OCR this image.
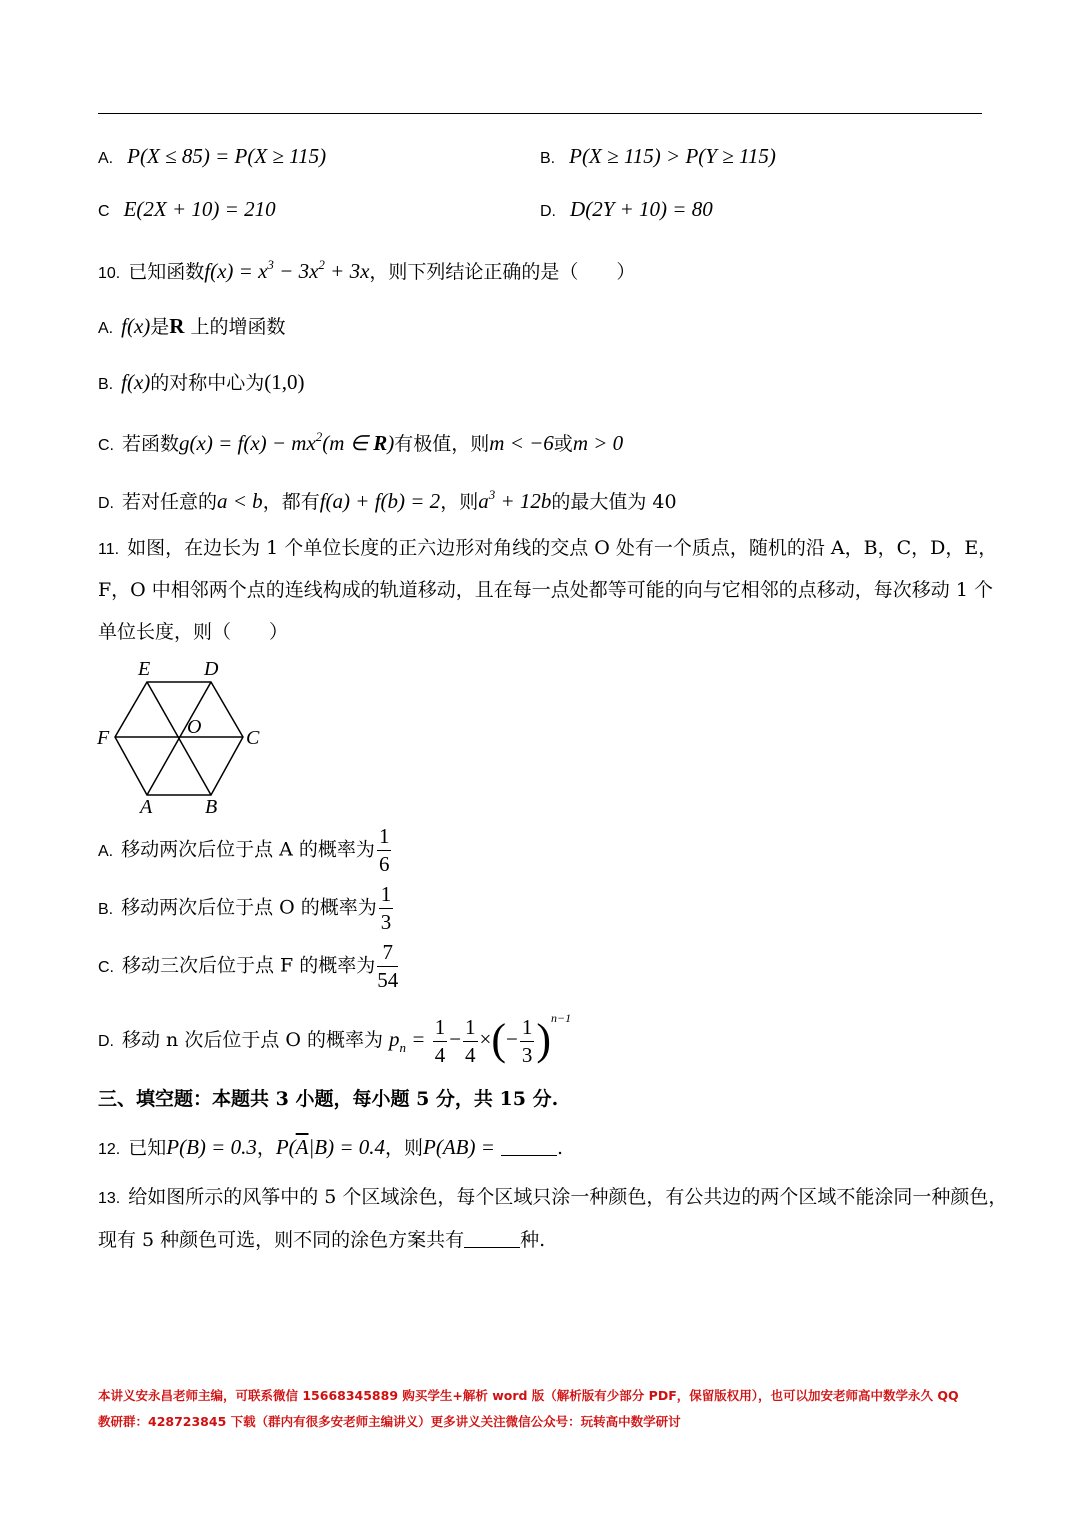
A. P(X ≤ 85) = P(X ≥ 115)	B. P(X ≥ 115) > P(Y ≥ 115)
C E(2X + 10) = 210	D. D(2Y + 10) = 80
10. 已知函数$f(x) = x^3 - 3x^2 + 3x$，则下列结论正确的是（　　）
A. f(x)是R 上的增函数
B. f(x)的对称中心为(1,0)
C. 若函数$g(x) = f(x) - mx^2(m$ ∈ R)有极值，则m < −6或m > 0
D. 若对任意的a < b，都有f(a) + f(b) = 2，则$a^3 + 12b$的最大值为 40
11. 如图，在边长为 1 个单位长度的正六边形对角线的交点 O 处有一个质点，随机的沿 A，B，C，D，E，
F，O 中相邻两个点的连线构成的轨道移动，且在每一点处都等可能的向与它相邻的点移动，每次移动 1 个
单位长度，则（　　）
E	D
F	O C
A	B
A. 移动两次后位于点 A 的概率为 $\frac{1}{6}$
B. 移动两次后位于点 O 的概率为 $\frac{1}{3}$
C. 移动三次后位于点 F 的概率为 $\frac{7}{54}$
D. 移动 n 次后位于点 O 的概率为 $p_n = \frac{1}{4} - \frac{1}{4}$ ×(− $\frac{1}{3} )^{n-1}$
三、填空题：本题共 3 小题，每小题 5 分，共 15 分.
12. 已知P(B) = 0.3，$P(\overline{A}|B) = 0.4$，则P(AB) =	.
13. 给如图所示的风筝中的 5 个区域涂色，每个区域只涂一种颜色，有公共边的两个区域不能涂同一种颜色，
现有 5 种颜色可选，则不同的涂色方案共有	种.
本讲义安永昌老师主编，可联系微信 15668345889 购买学生+解析 word 版（解析版有少部分 PDF，保留版权用），也可以加安老师高中数学永久 QQ
教研群：428723845 下载（群内有很多安老师主编讲义）更多讲义关注微信公众号：玩转高中数学研讨
